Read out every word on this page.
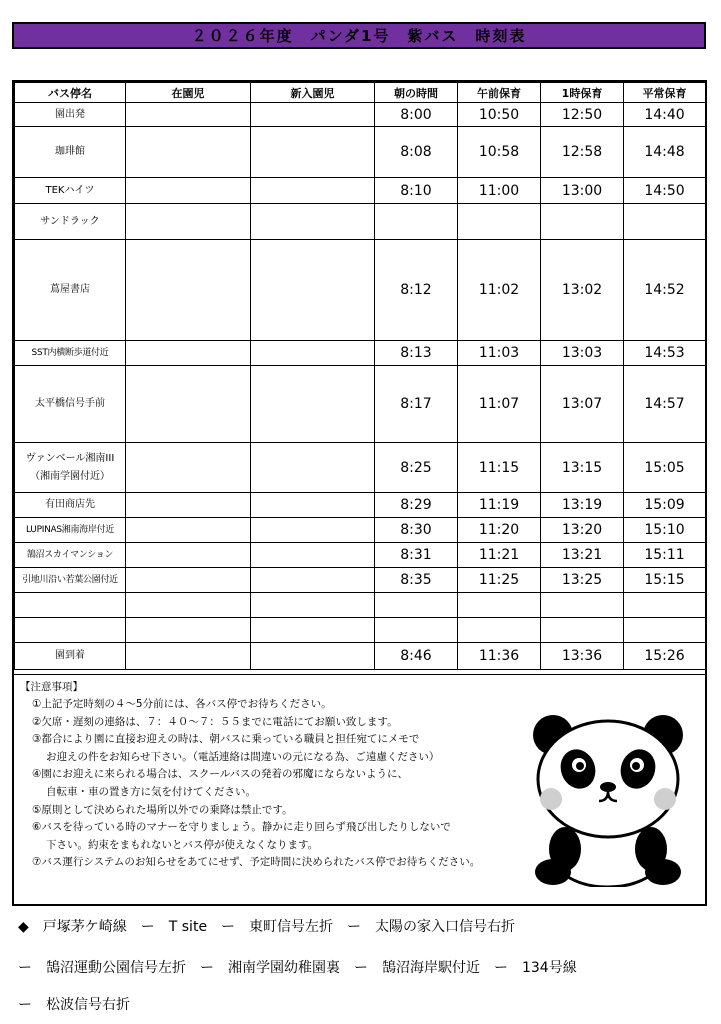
２０２６年度　パンダ1号　紫バス　時刻表
バス停名	在園児	新入園児	朝の時間	午前保育	1時保育	平常保育
園出発			8:00	10:50	12:50	14:40
珈琲館			8:08	10:58	12:58	14:48
TEKハイツ			8:10	11:00	13:00	14:50
サンドラック						
蔦屋書店			8:12	11:02	13:02	14:52
SST内横断歩道付近			8:13	11:03	13:03	14:53
太平橋信号手前			8:17	11:07	13:07	14:57

ヴァンベール湘南III
（湘南学園付近）			8:25	11:15	13:15	15:05
有田商店先			8:29	11:19	13:19	15:09
LUPINAS湘南海岸付近			8:30	11:20	13:20	15:10
鵠沼スカイマンション			8:31	11:21	13:21	15:11
引地川沿い若葉公園付近			8:35	11:25	13:25	15:15

園到着			8:46	11:36	13:36	15:26
【注意事項】
①上記予定時刻の４～5分前には、各バス停でお待ちください。
②欠席・遅刻の連絡は、７：４０～７：５５までに電話にてお願い致します。
③都合により園に直接お迎えの時は、朝バスに乗っている職員と担任宛てにメモで
お迎えの件をお知らせ下さい。（電話連絡は間違いの元になる為、ご遠慮ください）
④園にお迎えに来られる場合は、スクールバスの発着の邪魔にならないように、
自転車・車の置き方に気を付けてください。
⑤原則として決められた場所以外での乗降は禁止です。
⑥バスを待っている時のマナーを守りましょう。静かに走り回らず飛び出したりしないで
下さい。約束をまもれないとバス停が使えなくなります。
⑦バス運行システムのお知らせをあてにせず、予定時間に決められたバス停でお待ちください。
◆　戸塚茅ケ崎線　ー　T site　ー　東町信号左折　ー　太陽の家入口信号右折
ー　鵠沼運動公園信号左折　ー　湘南学園幼稚園裏　ー　鵠沼海岸駅付近　ー　134号線
ー　松波信号右折
